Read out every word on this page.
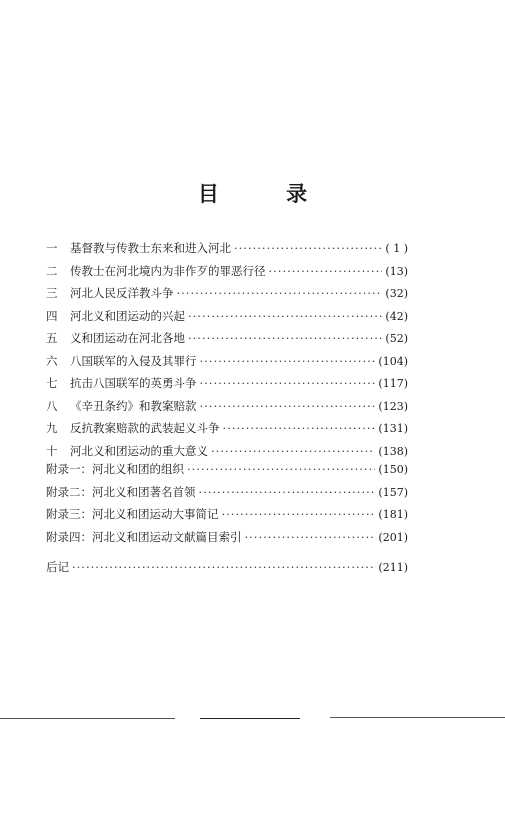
目 录
一	基督教与传教士东来和进入河北 ·····	( 1 )
二	传教士在河北境内为非作歹的罪恶行径 ·····	(13)
三	河北人民反洋教斗争 ·····	(32)
四	河北义和团运动的兴起 ·····	(42)
五	义和团运动在河北各地 ·····	(52)
六	八国联军的入侵及其罪行 ·····	(104)
七	抗击八国联军的英勇斗争 ·····	(117)
八	《辛丑条约》和教案赔款 ·····	(123)
九	反抗教案赔款的武装起义斗争 ·····	(131)
十	河北义和团运动的重大意义 ·····	(138)
附录一： 河北义和团的组织 ·····	(150)
附录二： 河北义和团著名首领 ·····	(157)
附录三： 河北义和团运动大事简记 ·····	(181)
附录四： 河北义和团运动文献篇目索引 ·····	(201)
后记 ·····	(211)
